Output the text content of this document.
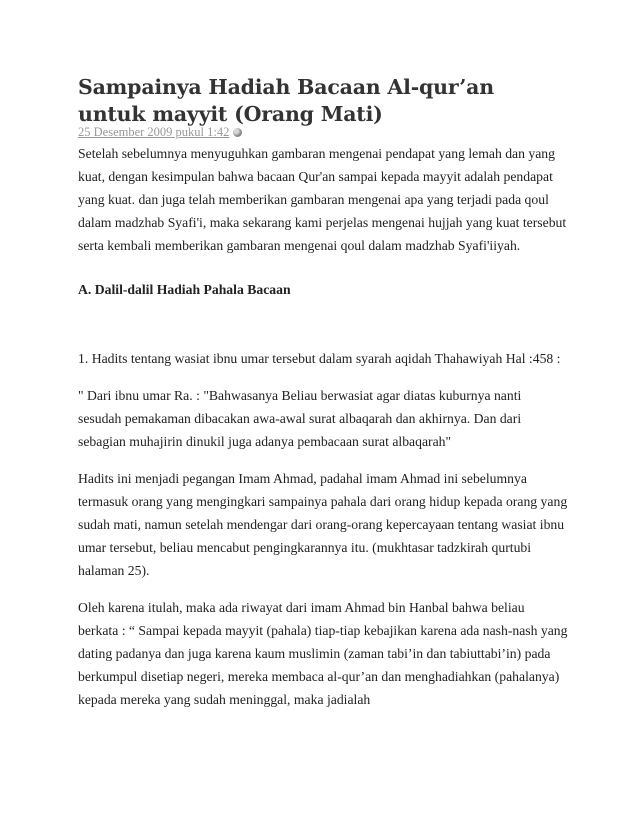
Sampainya Hadiah Bacaan Al-qur’an untuk mayyit (Orang Mati)
25 Desember 2009 pukul 1:42

Setelah sebelumnya menyuguhkan gambaran mengenai pendapat yang lemah dan yang kuat, dengan kesimpulan bahwa bacaan Qur'an sampai kepada mayyit adalah pendapat yang kuat. dan juga telah memberikan gambaran mengenai apa yang terjadi pada qoul dalam madzhab Syafi'i, maka sekarang kami perjelas mengenai hujjah yang kuat tersebut serta kembali memberikan gambaran mengenai qoul dalam madzhab Syafi'iiyah.

A. Dalil-dalil Hadiah Pahala Bacaan

1. Hadits tentang wasiat ibnu umar tersebut dalam syarah aqidah Thahawiyah Hal :458 :

" Dari ibnu umar Ra. : "Bahwasanya Beliau berwasiat agar diatas kuburnya nanti sesudah pemakaman dibacakan awa-awal surat albaqarah dan akhirnya. Dan dari sebagian muhajirin dinukil juga adanya pembacaan surat albaqarah"

Hadits ini menjadi pegangan Imam Ahmad, padahal imam Ahmad ini sebelumnya termasuk orang yang mengingkari sampainya pahala dari orang hidup kepada orang yang sudah mati, namun setelah mendengar dari orang-orang kepercayaan tentang wasiat ibnu umar tersebut, beliau mencabut pengingkarannya itu. (mukhtasar tadzkirah qurtubi halaman 25).

Oleh karena itulah, maka ada riwayat dari imam Ahmad bin Hanbal bahwa beliau berkata : “ Sampai kepada mayyit (pahala) tiap-tiap kebajikan karena ada nash-nash yang dating padanya dan juga karena kaum muslimin (zaman tabi’in dan tabiuttabi’in) pada berkumpul disetiap negeri, mereka membaca al-qur’an dan menghadiahkan (pahalanya) kepada mereka yang sudah meninggal, maka jadialah
